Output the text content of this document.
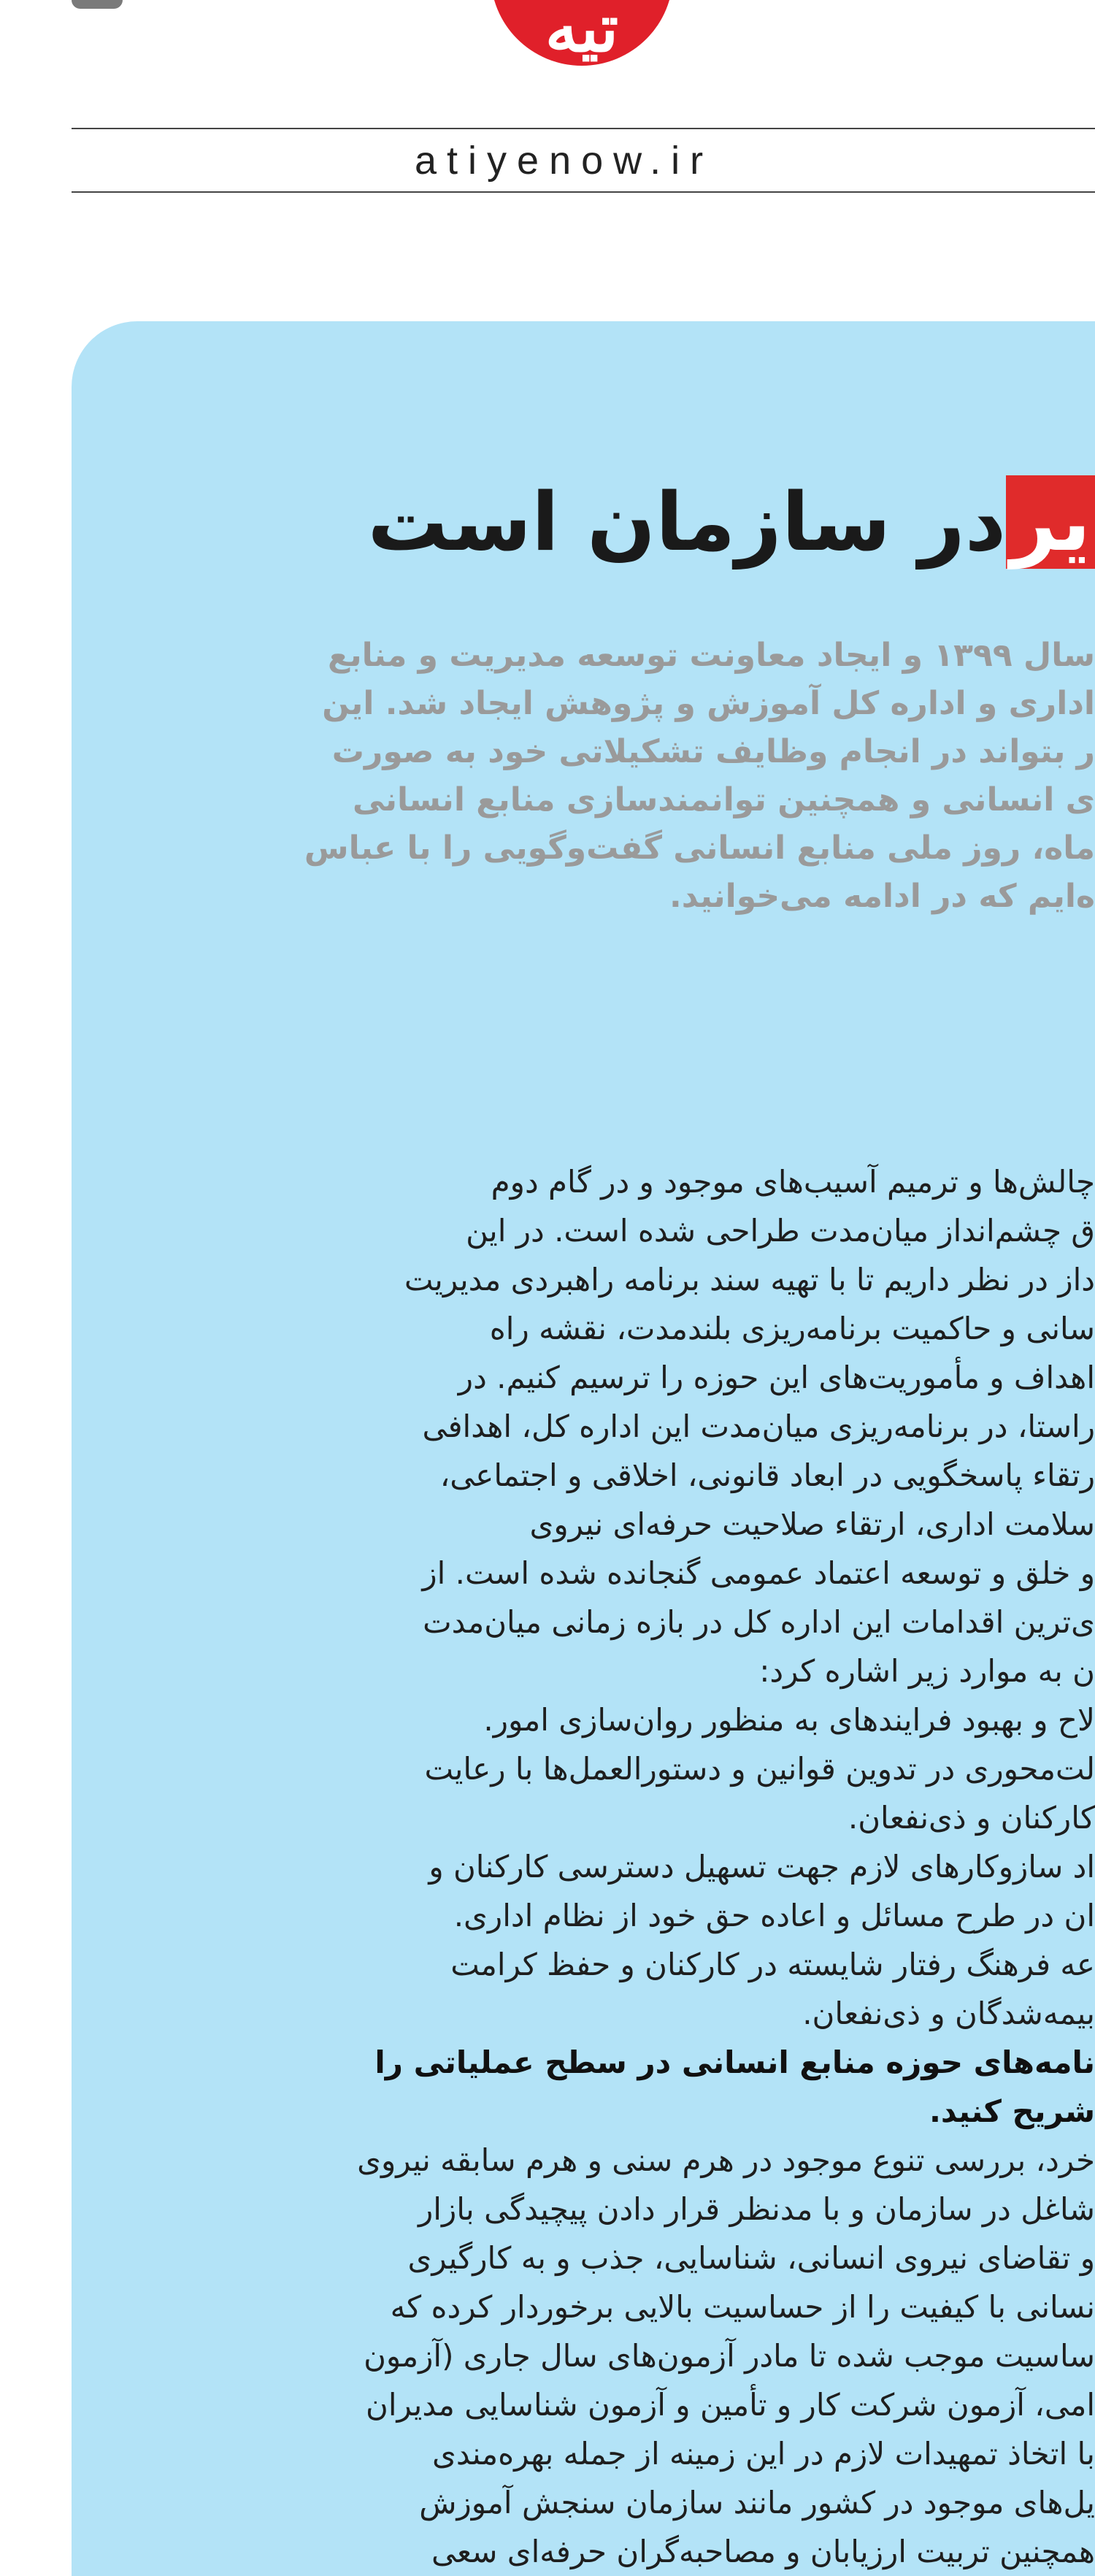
تیه
atiyenow.ir
یردر سازمان است
سال ۱۳۹۹ و ایجاد معاونت توسعه مدیریت و منابع
اداری و اداره کل آموزش و پژوهش ایجاد شد. این
ر بتواند در انجام وظایف تشکیلاتی خود به صورت
ی انسانی و همچنین توانمندسازی منابع انسانی
ماه، روز ملی منابع انسانی گفت‌وگویی را با عباس
ه‌ایم که در ادامه می‌خوانید.
چالش‌ها و ترمیم آسیب‌های موجود و در گام دوم
ق چشم‌انداز میان‌مدت طراحی شده است. در این
داز در نظر داریم تا با تهیه سند برنامه راهبردی مدیریت
سانی و حاکمیت برنامه‌ریزی بلندمدت، نقشه راه
اهداف و مأموریت‌های این حوزه را ترسیم کنیم. در
راستا، در برنامه‌ریزی میان‌مدت این اداره کل، اهدافی
رتقاء پاسخگویی در ابعاد قانونی، اخلاقی و اجتماعی،
سلامت اداری، ارتقاء صلاحیت حرفه‌ای نیروی
و خلق و توسعه اعتماد عمومی گنجانده شده است. از
ی‌ترین اقدامات این اداره کل در بازه زمانی میان‌مدت
ن به موارد زیر اشاره کرد:
لاح و بهبود فرایندهای به منظور روان‌سازی امور.
لت‌محوری در تدوین قوانین و دستورالعمل‌ها با رعایت
کارکنان و ذی‌نفعان.
اد سازوکارهای لازم جهت تسهیل دسترسی کارکنان و
ان در طرح مسائل و اعاده حق خود از نظام اداری.
عه فرهنگ رفتار شایسته در کارکنان و حفظ کرامت
بیمه‌شدگان و ذی‌نفعان.
نامه‌های حوزه منابع انسانی در سطح عملیاتی را
شریح کنید.
خرد، بررسی تنوع موجود در هرم سنی و هرم سابقه نیروی
شاغل در سازمان و با مدنظر قرار دادن پیچیدگی بازار
و تقاضای نیروی انسانی، شناسایی، جذب و به کارگیری
نسانی با کیفیت را از حساسیت بالایی برخوردار کرده که
ساسیت موجب شده تا مادر آزمون‌های سال جاری (آزمون
امی، آزمون شرکت کار و تأمین و آزمون شناسایی مدیران
با اتخاذ تمهیدات لازم در این زمینه از جمله بهره‌مندی
یل‌های موجود در کشور مانند سازمان سنجش آموزش
همچنین تربیت ارزیابان و مصاحبه‌گران حرفه‌ای سعی
